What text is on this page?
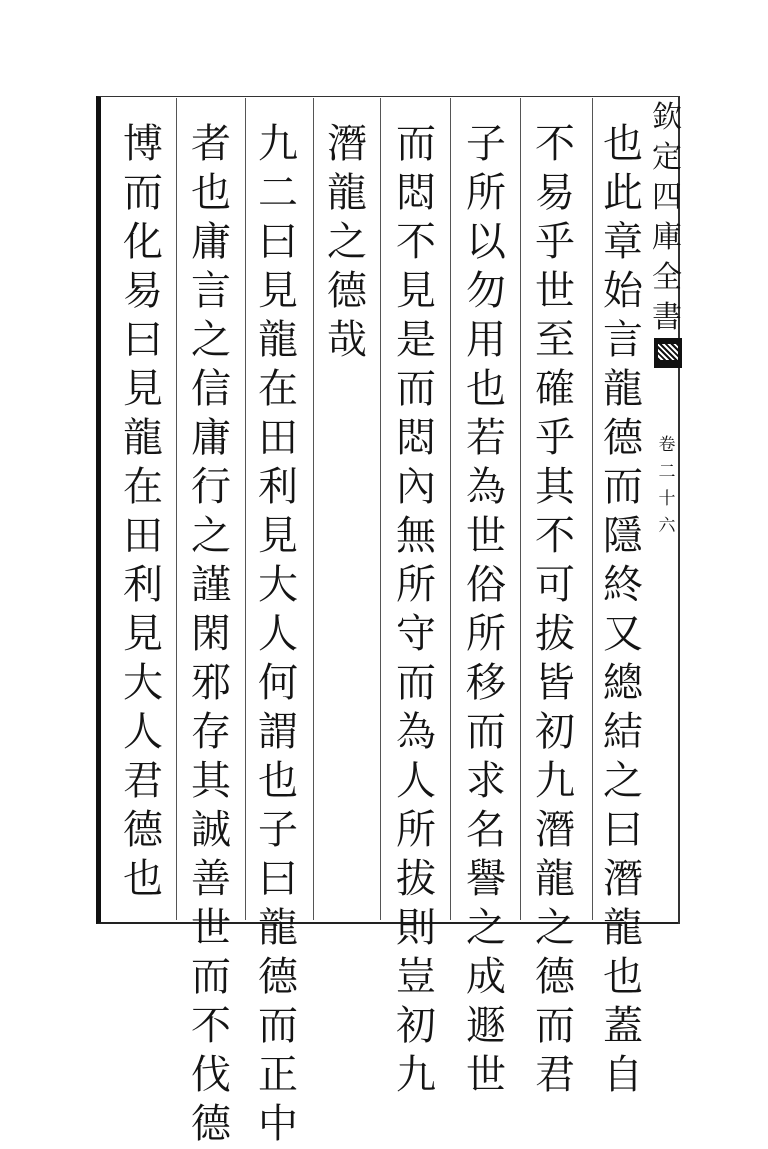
也此章始言龍德而隱終又總結之曰潛龍也蓋自
不易乎世至確乎其不可拔皆初九潛龍之德而君
子所以勿用也若為世俗所移而求名譽之成遯世
而悶不見是而悶內無所守而為人所拔則豈初九
潛龍之德哉
九二曰見龍在田利見大人何謂也子曰龍德而正中
者也庸言之信庸行之謹閑邪存其誠善世而不伐德
博而化易曰見龍在田利見大人君德也
欽定四庫全書
卷二十六
